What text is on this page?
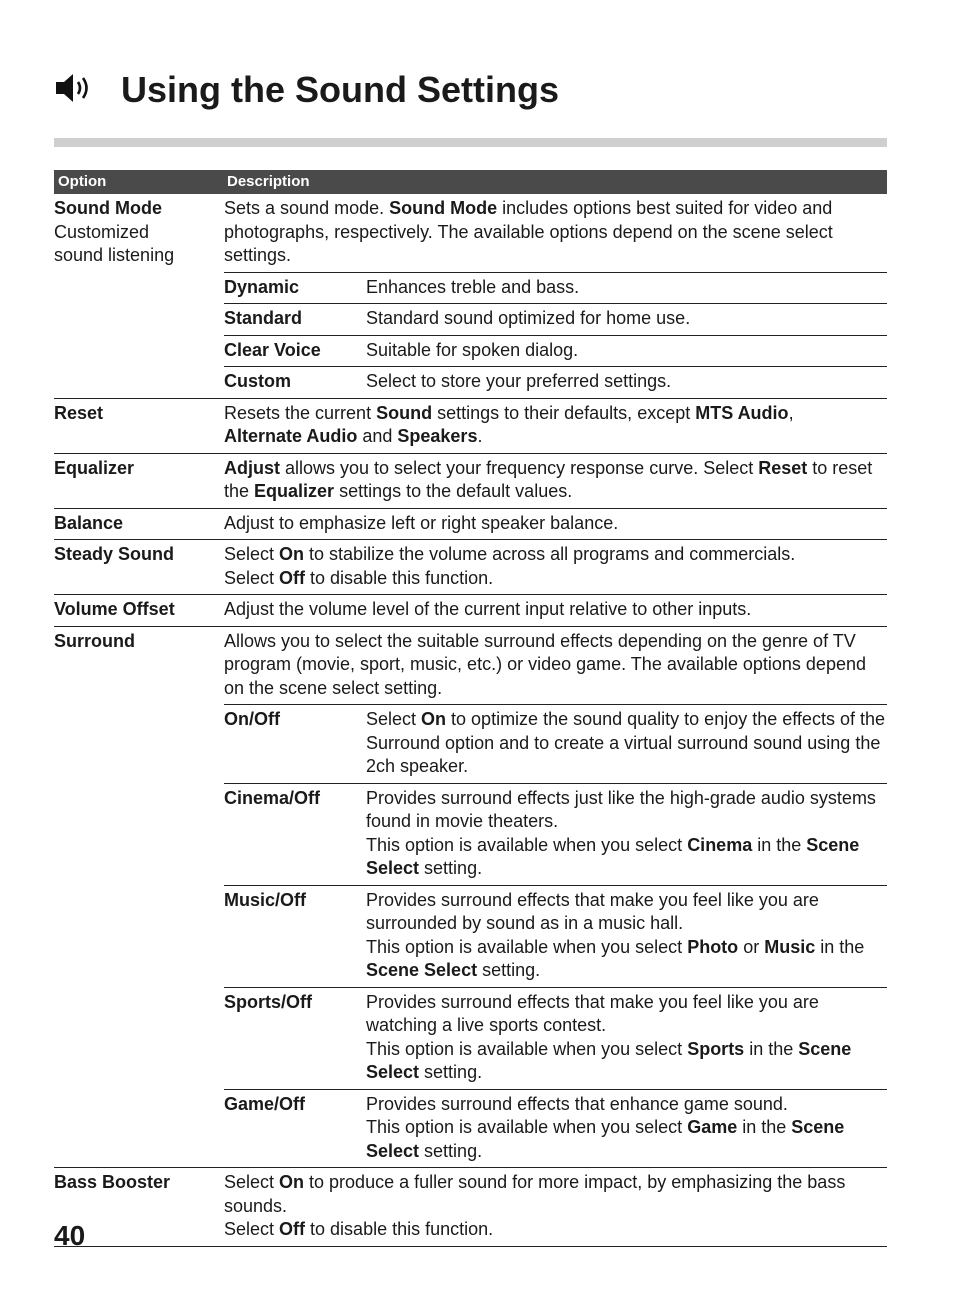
Using the Sound Settings
Option	Description

Sound Mode
Customized
sound listening

Sets a sound mode. Sound Mode includes options best suited for video and photographs, respectively. The available options depend on the scene select settings.
Dynamic	Enhances treble and bass.
Standard	Standard sound optimized for home use.
Clear Voice	Suitable for spoken dialog.
Custom	Select to store your preferred settings.

Reset	Resets the current Sound settings to their defaults, except MTS Audio,
Alternate Audio and Speakers.
Equalizer	Adjust allows you to select your frequency response curve. Select Reset to reset the Equalizer settings to the default values.
Balance	Adjust to emphasize left or right speaker balance.
Steady Sound	Select On to stabilize the volume across all programs and commercials.
Select Off to disable this function.
Volume Offset	Adjust the volume level of the current input relative to other inputs.
Surround	Allows you to select the suitable surround effects depending on the genre of TV program (movie, sport, music, etc.) or video game. The available options depend on the scene select setting.
On/Off	Select On to optimize the sound quality to enjoy the effects of the Surround option and to create a virtual surround sound using the 2ch speaker.
Cinema/Off	Provides surround effects just like the high-grade audio systems found in movie theaters.
This option is available when you select Cinema in the Scene Select setting.

Music/Off	Provides surround effects that make you feel like you are surrounded by sound as in a music hall.
This option is available when you select Photo or Music in the Scene Select setting.

Sports/Off	Provides surround effects that make you feel like you are watching a live sports contest.
This option is available when you select Sports in the Scene Select setting.

Game/Off	Provides surround effects that enhance game sound.
This option is available when you select Game in the Scene Select setting.

Bass Booster	Select On to produce a fuller sound for more impact, by emphasizing the bass sounds.
Select Off to disable this function.
40
